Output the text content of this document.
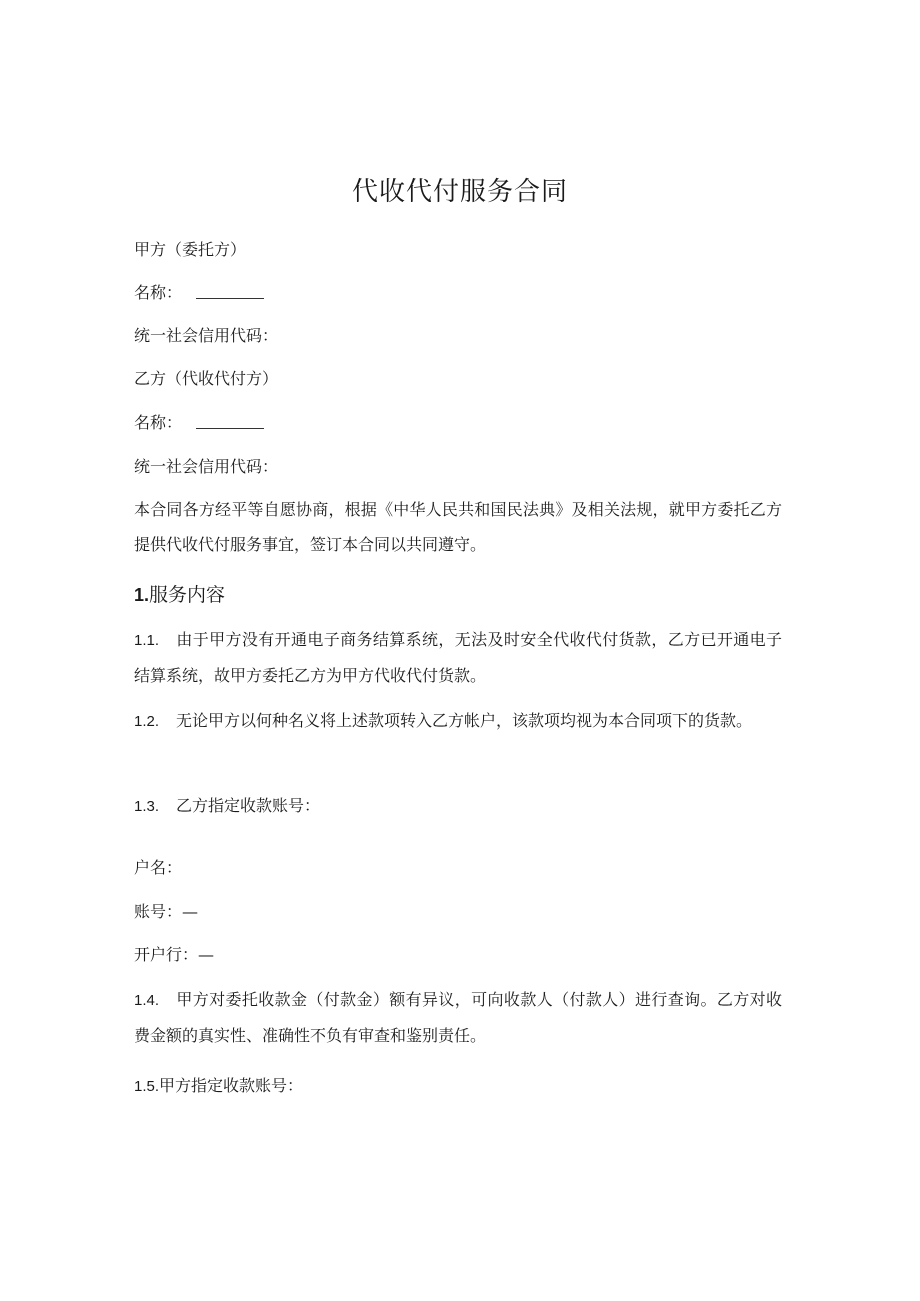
代收代付服务合同
甲方（委托方）
名称：
统一社会信用代码：
乙方（代收代付方）
名称：
统一社会信用代码：
本合同各方经平等自愿协商，根据《中华人民共和国民法典》及相关法规，就甲方委托乙方提供代收代付服务事宜，签订本合同以共同遵守。
1.服务内容
1.1. 由于甲方没有开通电子商务结算系统，无法及时安全代收代付货款，乙方已开通电子结算系统，故甲方委托乙方为甲方代收代付货款。
1.2. 无论甲方以何种名义将上述款项转入乙方帐户，该款项均视为本合同项下的货款。
1.3. 乙方指定收款账号：
户名：
账号：—
开户行：—
1.4. 甲方对委托收款金（付款金）额有异议，可向收款人（付款人）进行查询。乙方对收费金额的真实性、准确性不负有审查和鉴别责任。
1.5.甲方指定收款账号：
